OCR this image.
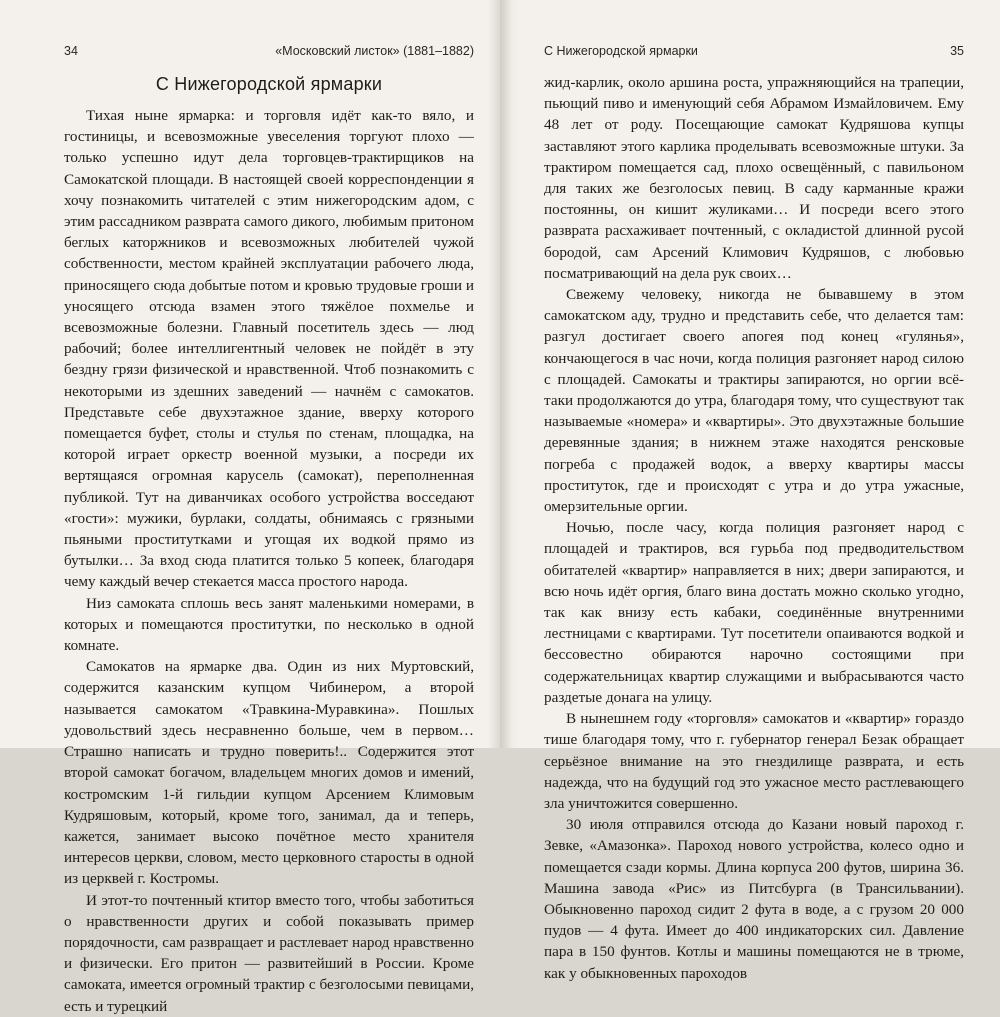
34	«Московский листок» (1881–1882)
С Нижегородской ярмарки

Тихая ныне ярмарка: и торговля идёт как-то вяло, и гостиницы, и всевозможные увеселения торгуют плохо — только успешно идут дела торговцев-трактирщиков на Самокатской площади. В настоящей своей корреспонденции я хочу познакомить читателей с этим нижегородским адом, с этим рассадником разврата самого дикого, любимым притоном беглых каторжников и всевозможных любителей чужой собственности, местом крайней эксплуатации рабочего люда, приносящего сюда добытые потом и кровью трудовые гроши и уносящего отсюда взамен этого тяжёлое похмелье и всевозможные болезни. Главный посетитель здесь — люд рабочий; более интеллигентный человек не пойдёт в эту бездну грязи физической и нравственной. Чтоб познакомить с некоторыми из здешних заведений — начнём с самокатов. Представьте себе двухэтажное здание, вверху которого помещается буфет, столы и стулья по стенам, площадка, на которой играет оркестр военной музыки, а посреди их вертящаяся огромная карусель (самокат), переполненная публикой. Тут на диванчиках особого устройства восседают «гости»: мужики, бурлаки, солдаты, обнимаясь с грязными пьяными проститутками и угощая их водкой прямо из бутылки… За вход сюда платится только 5 копеек, благодаря чему каждый вечер стекается масса простого народа.

Низ самоката сплошь весь занят маленькими номерами, в которых и помещаются проститутки, по несколько в одной комнате.

Самокатов на ярмарке два. Один из них Муртовский, содержится казанским купцом Чибинером, а второй называется самокатом «Травкина-Муравкина». Пошлых удовольствий здесь несравненно больше, чем в первом… Страшно написать и трудно поверить!.. Содержится этот второй самокат богачом, владельцем многих домов и имений, костромским 1-й гильдии купцом Арсением Климовым Кудряшовым, который, кроме того, занимал, да и теперь, кажется, занимает высоко почётное место хранителя интересов церкви, словом, место церковного старосты в одной из церквей г. Костромы.

И этот-то почтенный ктитор вместо того, чтобы заботиться о нравственности других и собой показывать пример порядочности, сам развращает и растлевает народ нравственно и физически. Его притон — развитейший в России. Кроме самоката, имеется огромный трактир с безголосыми певицами, есть и турецкий

С Нижегородской ярмарки	35

жид-карлик, около аршина роста, упражняющийся на трапеции, пьющий пиво и именующий себя Абрамом Измайловичем. Ему 48 лет от роду. Посещающие самокат Кудряшова купцы заставляют этого карлика проделывать всевозможные штуки. За трактиром помещается сад, плохо освещённый, с павильоном для таких же безголосых певиц. В саду карманные кражи постоянны, он кишит жуликами… И посреди всего этого разврата расхаживает почтенный, с окладистой длинной русой бородой, сам Арсений Климович Кудряшов, с любовью посматривающий на дела рук своих…

Свежему человеку, никогда не бывавшему в этом самокатском аду, трудно и представить себе, что делается там: разгул достигает своего апогея под конец «гулянья», кончающегося в час ночи, когда полиция разгоняет народ силою с площадей. Самокаты и трактиры запираются, но оргии всё-таки продолжаются до утра, благодаря тому, что существуют так называемые «номера» и «квартиры». Это двухэтажные большие деревянные здания; в нижнем этаже находятся ренсковые погреба с продажей водок, а вверху квартиры массы проституток, где и происходят с утра и до утра ужасные, омерзительные оргии.

Ночью, после часу, когда полиция разгоняет народ с площадей и трактиров, вся гурьба под предводительством обитателей «квартир» направляется в них; двери запираются, и всю ночь идёт оргия, благо вина достать можно сколько угодно, так как внизу есть кабаки, соединённые внутренними лестницами с квартирами. Тут посетители опаиваются водкой и бессовестно обираются нарочно состоящими при содержательницах квартир служащими и выбрасываются часто раздетые донага на улицу.

В нынешнем году «торговля» самокатов и «квартир» гораздо тише благодаря тому, что г. губернатор генерал Безак обращает серьёзное внимание на это гнездилище разврата, и есть надежда, что на будущий год это ужасное место растлевающего зла уничтожится совершенно.

30 июля отправился отсюда до Казани новый пароход г. Зевке, «Амазонка». Пароход нового устройства, колесо одно и помещается сзади кормы. Длина корпуса 200 футов, ширина 36. Машина завода «Рис» из Питсбурга (в Трансильвании). Обыкновенно пароход сидит 2 фута в воде, а с грузом 20 000 пудов — 4 фута. Имеет до 400 индикаторских сил. Давление пара в 150 фунтов. Котлы и машины помещаются не в трюме, как у обыкновенных пароходов
